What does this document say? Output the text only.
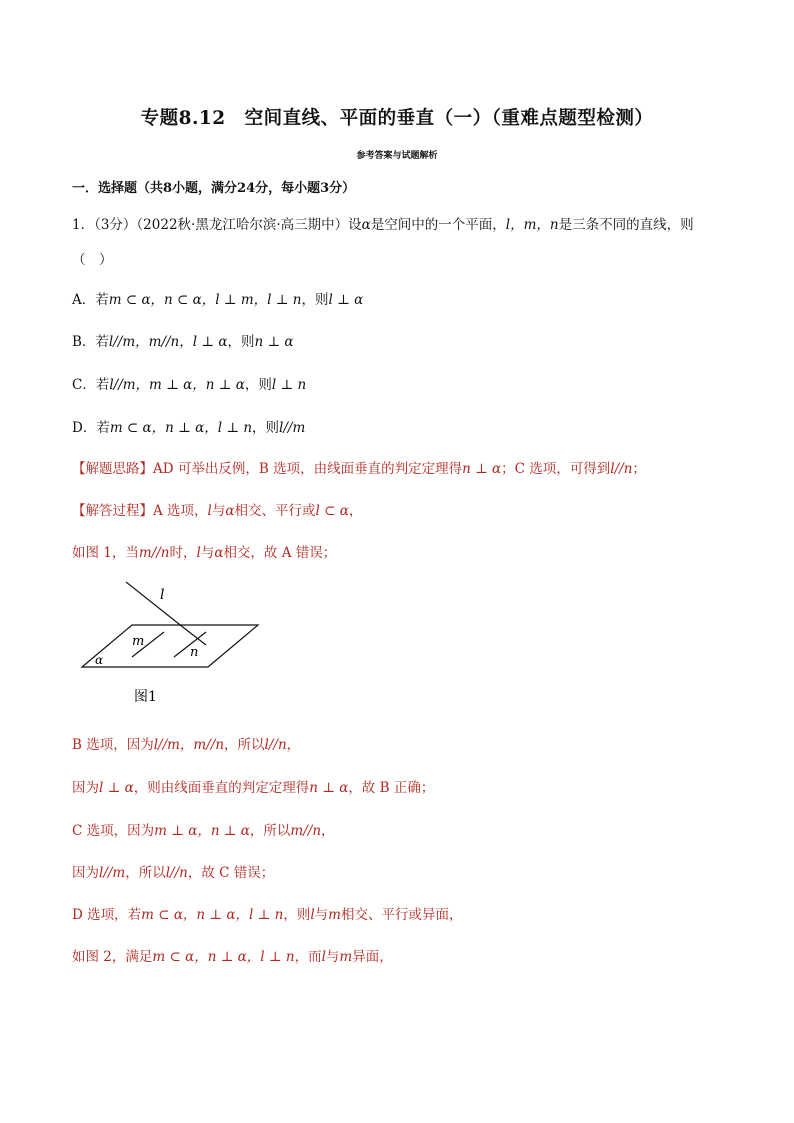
专题8.12　空间直线、平面的垂直（一）（重难点题型检测）
参考答案与试题解析
一．选择题（共8小题，满分24分，每小题3分）
1．（3分）（2022秋·黑龙江哈尔滨·高三期中）设α是空间中的一个平面，l，m，n是三条不同的直线，则
（　）
A．若m ⊂ α，n ⊂ α，l ⊥ m，l ⊥ n，则l ⊥ α
B．若l//m，m//n，l ⊥ α，则n ⊥ α
C．若l//m，m ⊥ α，n ⊥ α，则l ⊥ n
D．若m ⊂ α，n ⊥ α，l ⊥ n，则l//m
【解题思路】AD 可举出反例，B 选项，由线面垂直的判定定理得n ⊥ α；C 选项，可得到l//n；
【解答过程】A 选项，l与α相交、平行或l ⊂ α，
如图 1，当m//n时，l与α相交，故 A 错误；
l
m
n
α
图1
B 选项，因为l//m，m//n，所以l//n，
因为l ⊥ α，则由线面垂直的判定定理得n ⊥ α，故 B 正确；
C 选项，因为m ⊥ α，n ⊥ α，所以m//n，
因为l//m，所以l//n，故 C 错误；
D 选项，若m ⊂ α，n ⊥ α，l ⊥ n，则l与m相交、平行或异面，
如图 2，满足m ⊂ α，n ⊥ α，l ⊥ n，而l与m异面，
